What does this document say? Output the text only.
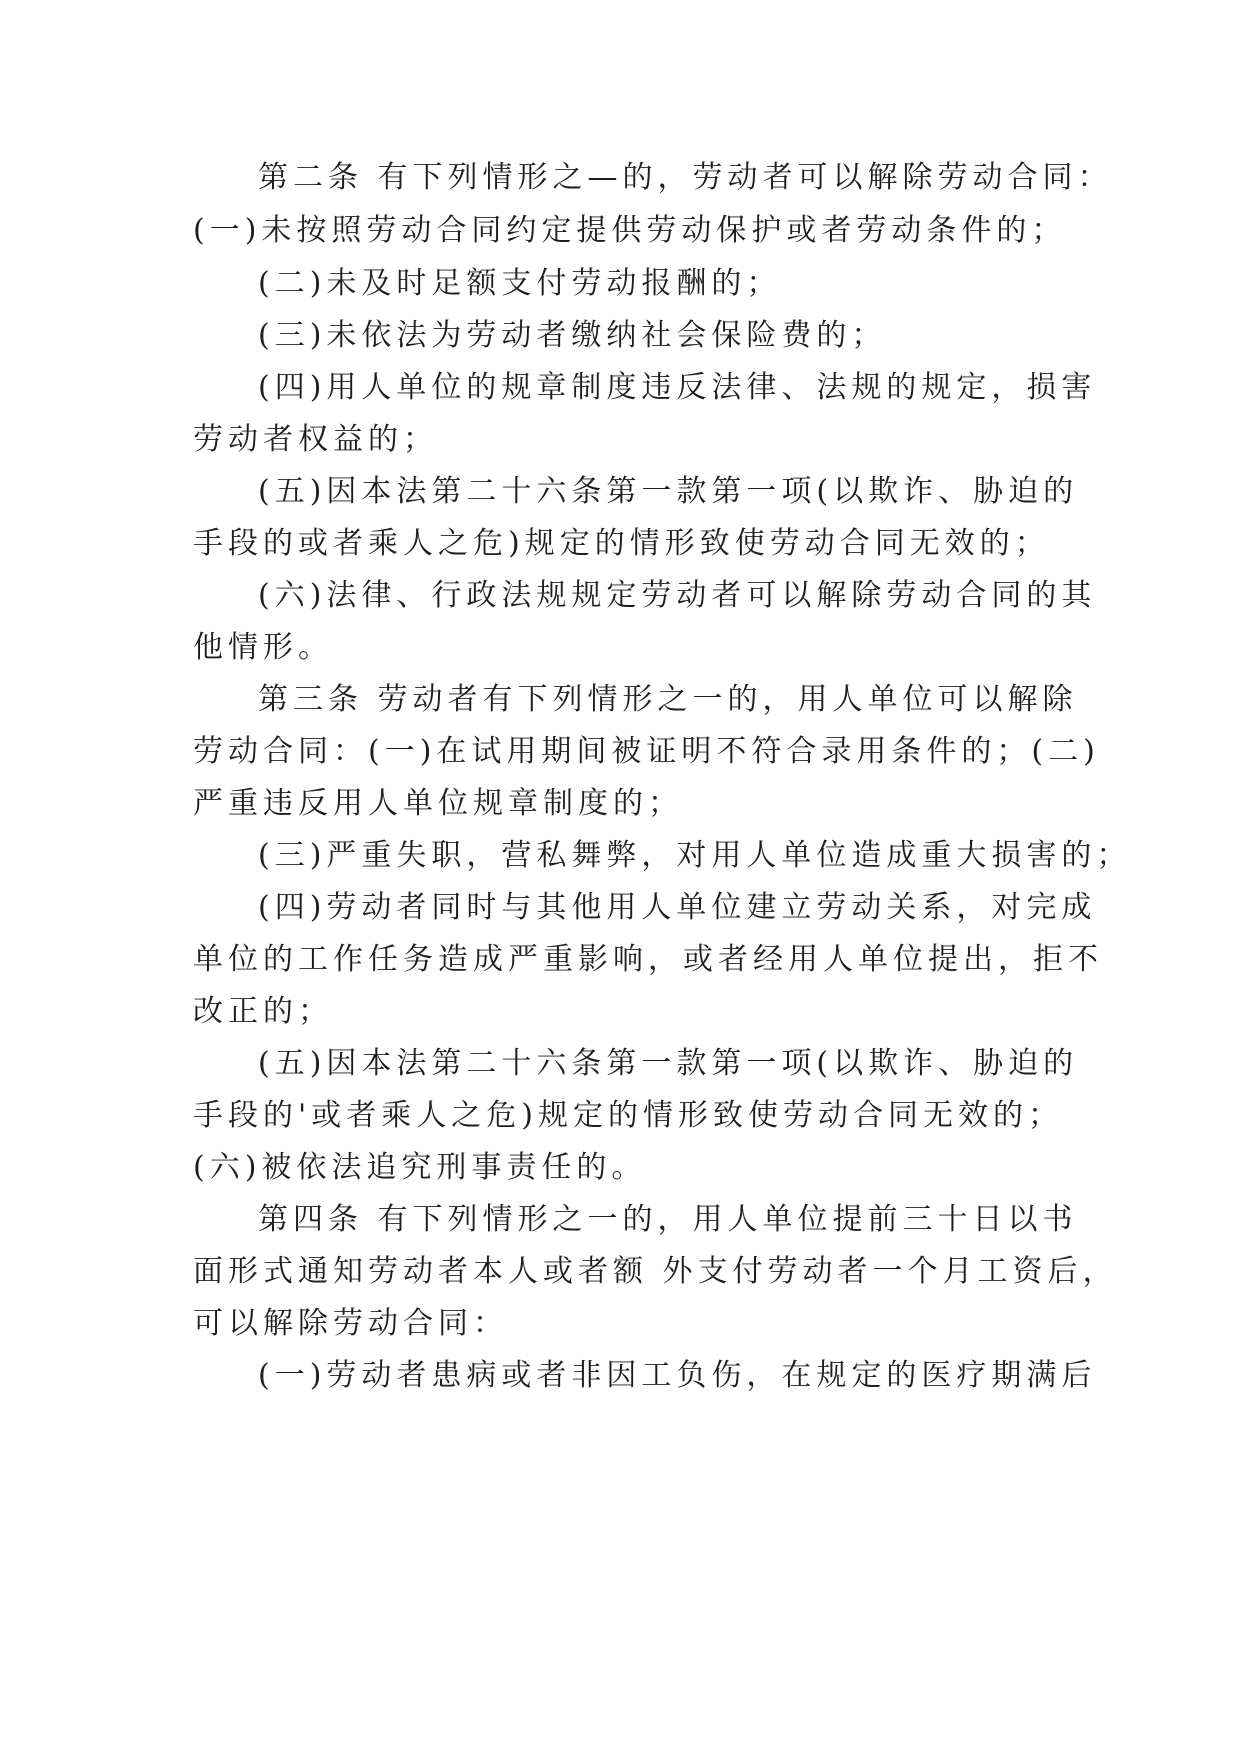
第二条 有下列情形之—的，劳动者可以解除劳动合同：
(一)未按照劳动合同约定提供劳动保护或者劳动条件的；
(二)未及时足额支付劳动报酬的；
(三)未依法为劳动者缴纳社会保险费的；
(四)用人单位的规章制度违反法律、法规的规定，损害
劳动者权益的；
(五)因本法第二十六条第一款第一项(以欺诈、胁迫的
手段的或者乘人之危)规定的情形致使劳动合同无效的；
(六)法律、行政法规规定劳动者可以解除劳动合同的其
他情形。
第三条 劳动者有下列情形之一的，用人单位可以解除
劳动合同：(一)在试用期间被证明不符合录用条件的；(二)
严重违反用人单位规章制度的；
(三)严重失职，营私舞弊，对用人单位造成重大损害的；
(四)劳动者同时与其他用人单位建立劳动关系，对完成
单位的工作任务造成严重影响，或者经用人单位提出，拒不
改正的；
(五)因本法第二十六条第一款第一项(以欺诈、胁迫的
手段的'或者乘人之危)规定的情形致使劳动合同无效的；
(六)被依法追究刑事责任的。
第四条 有下列情形之一的，用人单位提前三十日以书
面形式通知劳动者本人或者额 外支付劳动者一个月工资后，
可以解除劳动合同：
(一)劳动者患病或者非因工负伤，在规定的医疗期满后
